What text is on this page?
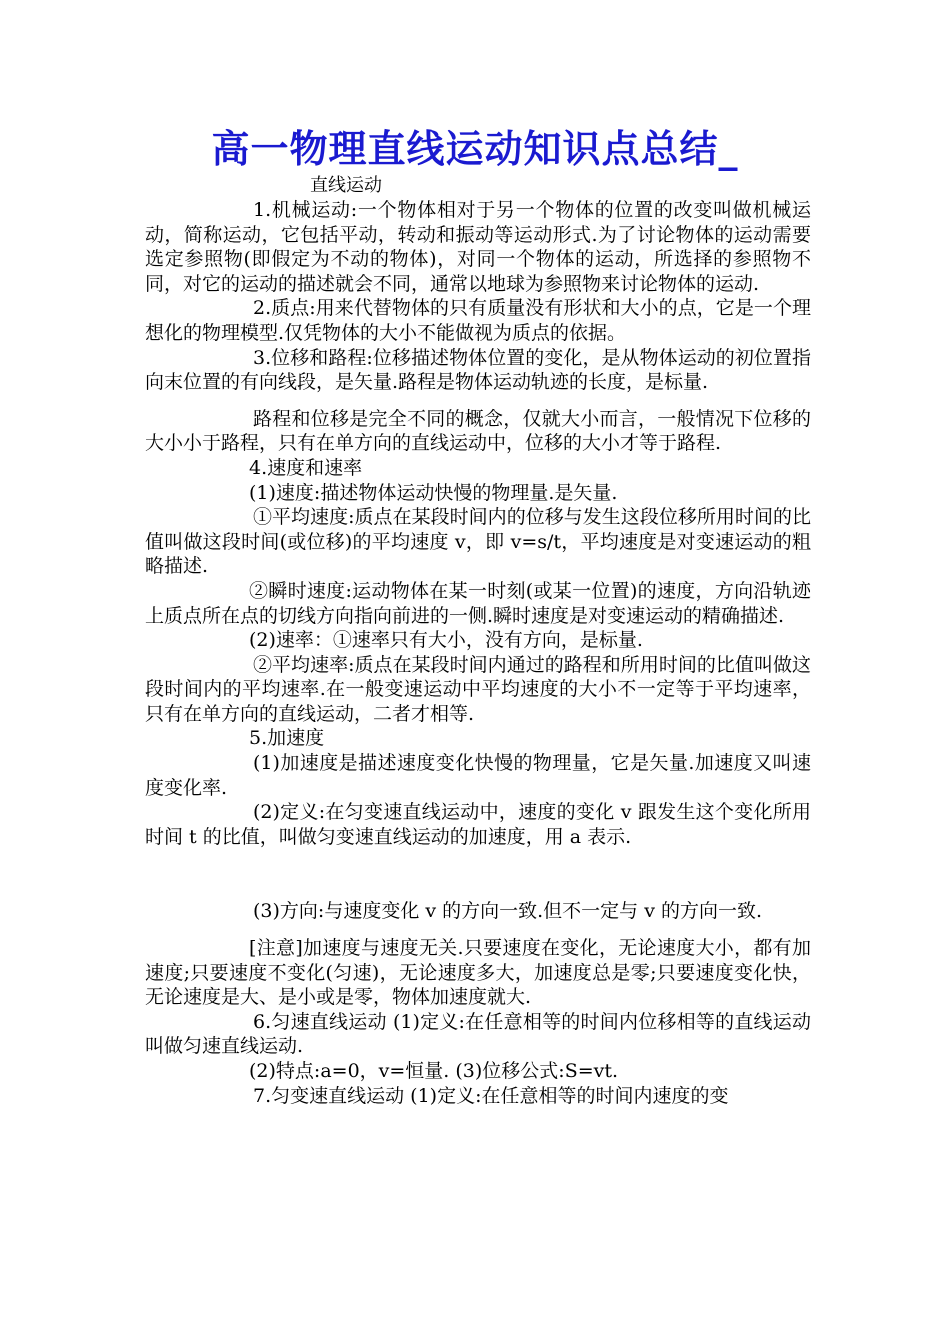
高一物理直线运动知识点总结_
直线运动

1.机械运动:一个物体相对于另一个物体的位置的改变叫做机械运动，简称运动，它包括平动，转动和振动等运动形式.为了讨论物体的运动需要选定参照物(即假定为不动的物体)，对同一个物体的运动，所选择的参照物不同，对它的运动的描述就会不同，通常以地球为参照物来讨论物体的运动.

2.质点:用来代替物体的只有质量没有形状和大小的点，它是一个理想化的物理模型.仅凭物体的大小不能做视为质点的依据。

3.位移和路程:位移描述物体位置的变化，是从物体运动的初位置指向末位置的有向线段，是矢量.路程是物体运动轨迹的长度，是标量.

路程和位移是完全不同的概念，仅就大小而言，一般情况下位移的大小小于路程，只有在单方向的直线运动中，位移的大小才等于路程.

4.速度和速率

(1)速度:描述物体运动快慢的物理量.是矢量.

①平均速度:质点在某段时间内的位移与发生这段位移所用时间的比值叫做这段时间(或位移)的平均速度 v，即 v=s/t，平均速度是对变速运动的粗略描述.

②瞬时速度:运动物体在某一时刻(或某一位置)的速度，方向沿轨迹上质点所在点的切线方向指向前进的一侧.瞬时速度是对变速运动的精确描述.

(2)速率：①速率只有大小，没有方向，是标量.

②平均速率:质点在某段时间内通过的路程和所用时间的比值叫做这段时间内的平均速率.在一般变速运动中平均速度的大小不一定等于平均速率，只有在单方向的直线运动，二者才相等.

5.加速度

(1)加速度是描述速度变化快慢的物理量，它是矢量.加速度又叫速度变化率.

(2)定义:在匀变速直线运动中，速度的变化 v 跟发生这个变化所用时间 t 的比值，叫做匀变速直线运动的加速度，用 a 表示.

(3)方向:与速度变化 v 的方向一致.但不一定与 v 的方向一致.

[注意]加速度与速度无关.只要速度在变化，无论速度大小，都有加速度;只要速度不变化(匀速)，无论速度多大，加速度总是零;只要速度变化快，无论速度是大、是小或是零，物体加速度就大.

6.匀速直线运动 (1)定义:在任意相等的时间内位移相等的直线运动叫做匀速直线运动.

(2)特点:a=0，v=恒量. (3)位移公式:S=vt.

7.匀变速直线运动 (1)定义:在任意相等的时间内速度的变
